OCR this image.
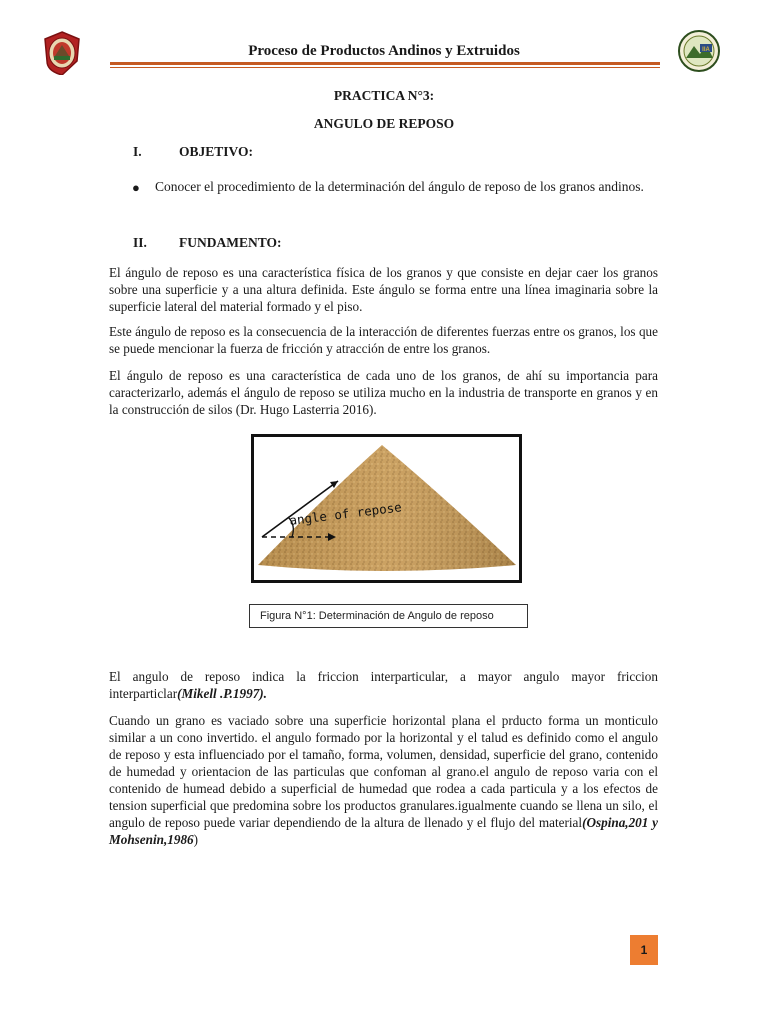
IIA
Proceso de Productos Andinos y Extruidos
PRACTICA N°3:
ANGULO DE REPOSO
I.	OBJETIVO:
● Conocer el procedimiento de la determinación del ángulo de reposo de los granos andinos.
II. FUNDAMENTO:
El ángulo de reposo es una característica física de los granos y que consiste en dejar caer los granos sobre una superficie y a una altura definida. Este ángulo se forma entre una línea imaginaria sobre la superficie lateral del material formado y el piso.
Este ángulo de reposo es la consecuencia de la interacción de diferentes fuerzas entre os granos, los que se puede mencionar la fuerza de fricción y atracción de entre los granos.
El ángulo de reposo es una característica de cada uno de los granos, de ahí su importancia para caracterizarlo, además el ángulo de reposo se utiliza mucho en la industria de transporte en granos y en la construcción de silos (Dr. Hugo Lasterria 2016).
angle of repose
Figura N°1: Determinación de Angulo de reposo
El angulo de reposo indica la friccion interparticular, a mayor angulo mayor friccion interparticlar(Mikell .P.1997).
Cuando un grano es vaciado sobre una superficie horizontal plana el prducto forma un monticulo similar a un cono invertido. el angulo formado por la horizontal y el talud es definido como el angulo de reposo y esta influenciado por el tamaño, forma, volumen, densidad, superficie del grano, contenido de humedad y orientacion de las particulas que confoman al grano.el angulo de reposo varia con el contenido de humead debido a superficial de humedad que rodea a cada particula y a los efectos de tension superficial que predomina sobre los productos granulares.igualmente cuando se llena un silo, el angulo de reposo puede variar dependiendo de la altura de llenado y el flujo del material(Ospina,201 y Mohsenin,1986)
1
